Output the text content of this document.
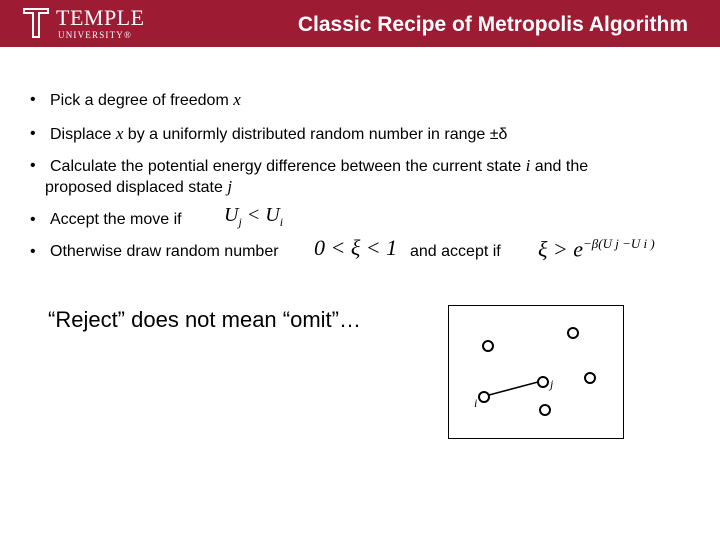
TEMPLE
UNIVERSITY®	Classic Recipe of Metropolis Algorithm
• Pick a degree of freedom x
• Displace x by a uniformly distributed random number in range ±δ
• Calculate the potential energy difference between the current state i and the
proposed displaced state j
• Accept the move if
• Otherwise draw random number
$U_j < U_i$
0 < ξ < 1 and accept if $\xi > e^{-\beta(U j -U i )}$
“Reject” does not mean “omit”…
i
j
